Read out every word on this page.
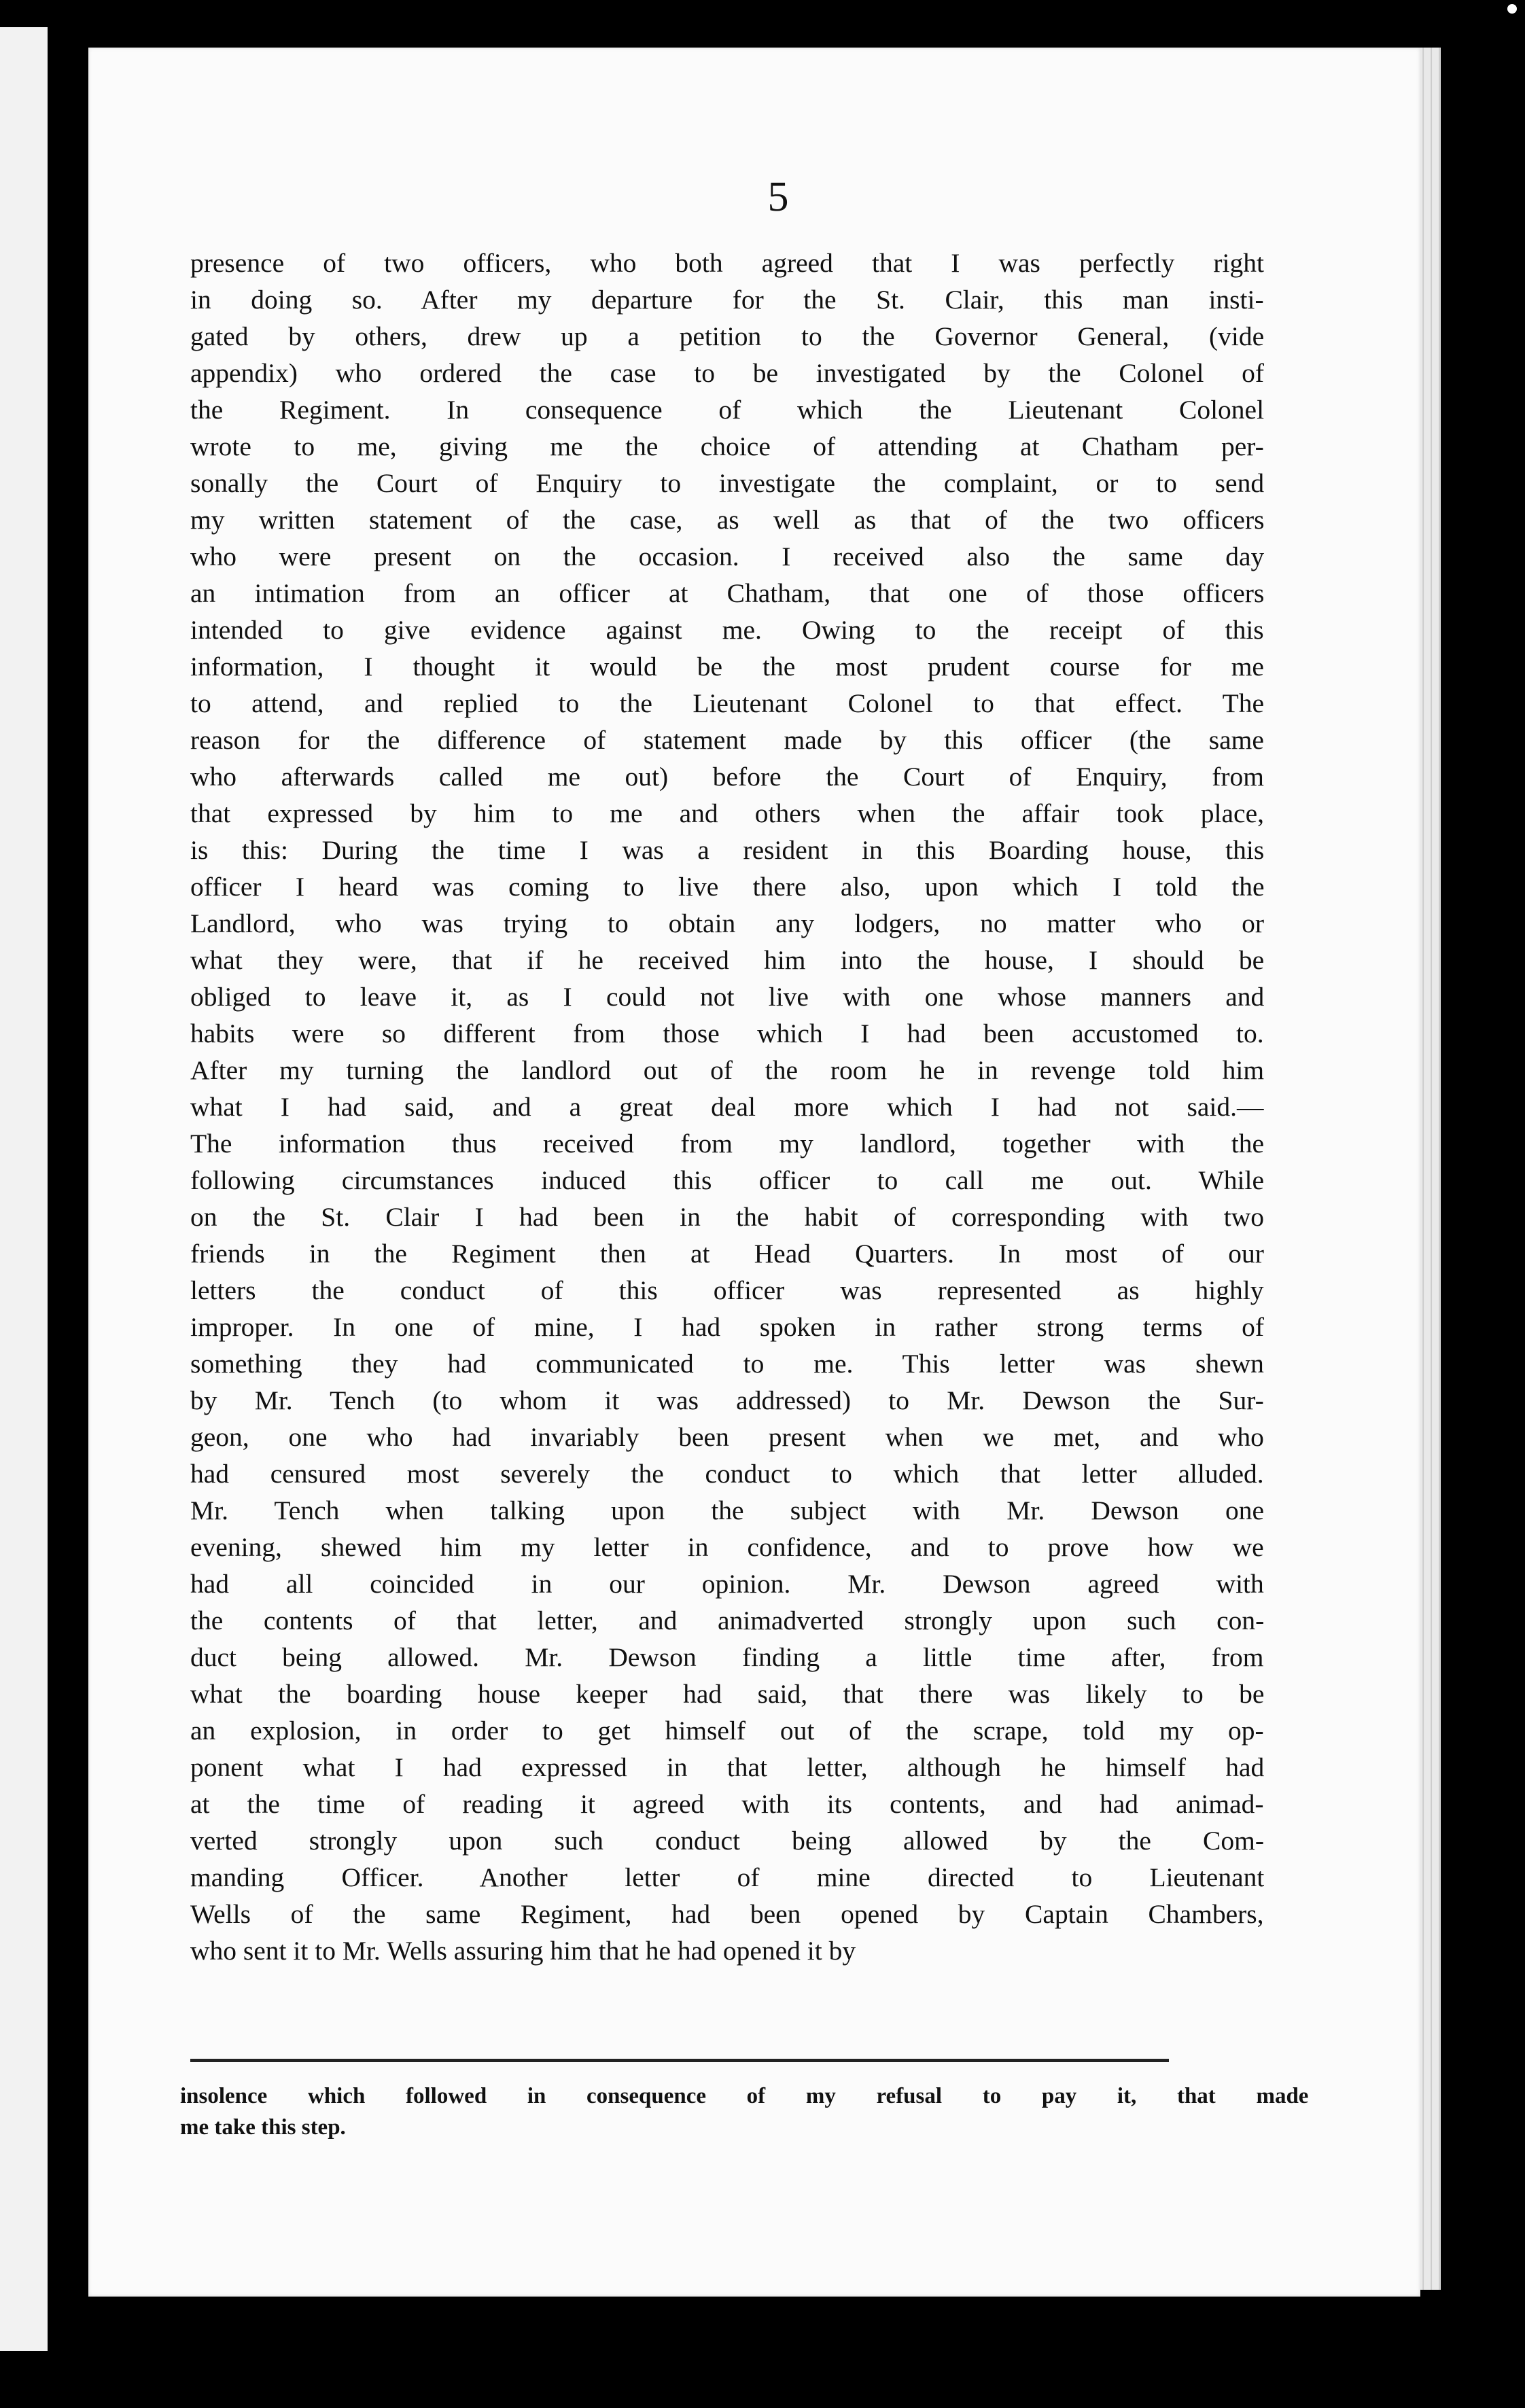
5
presence of two officers, who both agreed that I was perfectly right
in doing so. After my departure for the St. Clair, this man insti-
gated by others, drew up a petition to the Governor General, (vide
appendix) who ordered the case to be investigated by the Colonel of
the Regiment. In consequence of which the Lieutenant Colonel
wrote to me, giving me the choice of attending at Chatham per-
sonally the Court of Enquiry to investigate the complaint, or to send
my written statement of the case, as well as that of the two officers
who were present on the occasion. I received also the same day
an intimation from an officer at Chatham, that one of those officers
intended to give evidence against me. Owing to the receipt of this
information, I thought it would be the most prudent course for me
to attend, and replied to the Lieutenant Colonel to that effect. The
reason for the difference of statement made by this officer (the same
who afterwards called me out) before the Court of Enquiry, from
that expressed by him to me and others when the affair took place,
is this: During the time I was a resident in this Boarding house, this
officer I heard was coming to live there also, upon which I told the
Landlord, who was trying to obtain any lodgers, no matter who or
what they were, that if he received him into the house, I should be
obliged to leave it, as I could not live with one whose manners and
habits were so different from those which I had been accustomed to.
After my turning the landlord out of the room he in revenge told him
what I had said, and a great deal more which I had not said.—
The information thus received from my landlord, together with the
following circumstances induced this officer to call me out. While
on the St. Clair I had been in the habit of corresponding with two
friends in the Regiment then at Head Quarters. In most of our
letters the conduct of this officer was represented as highly
improper. In one of mine, I had spoken in rather strong terms of
something they had communicated to me. This letter was shewn
by Mr. Tench (to whom it was addressed) to Mr. Dewson the Sur-
geon, one who had invariably been present when we met, and who
had censured most severely the conduct to which that letter alluded.
Mr. Tench when talking upon the subject with Mr. Dewson one
evening, shewed him my letter in confidence, and to prove how we
had all coincided in our opinion. Mr. Dewson agreed with
the contents of that letter, and animadverted strongly upon such con-
duct being allowed. Mr. Dewson finding a little time after, from
what the boarding house keeper had said, that there was likely to be
an explosion, in order to get himself out of the scrape, told my op-
ponent what I had expressed in that letter, although he himself had
at the time of reading it agreed with its contents, and had animad-
verted strongly upon such conduct being allowed by the Com-
manding Officer. Another letter of mine directed to Lieutenant
Wells of the same Regiment, had been opened by Captain Chambers,
who sent it to Mr. Wells assuring him that he had opened it by
insolence which followed in consequence of my refusal to pay it, that made
me take this step.
